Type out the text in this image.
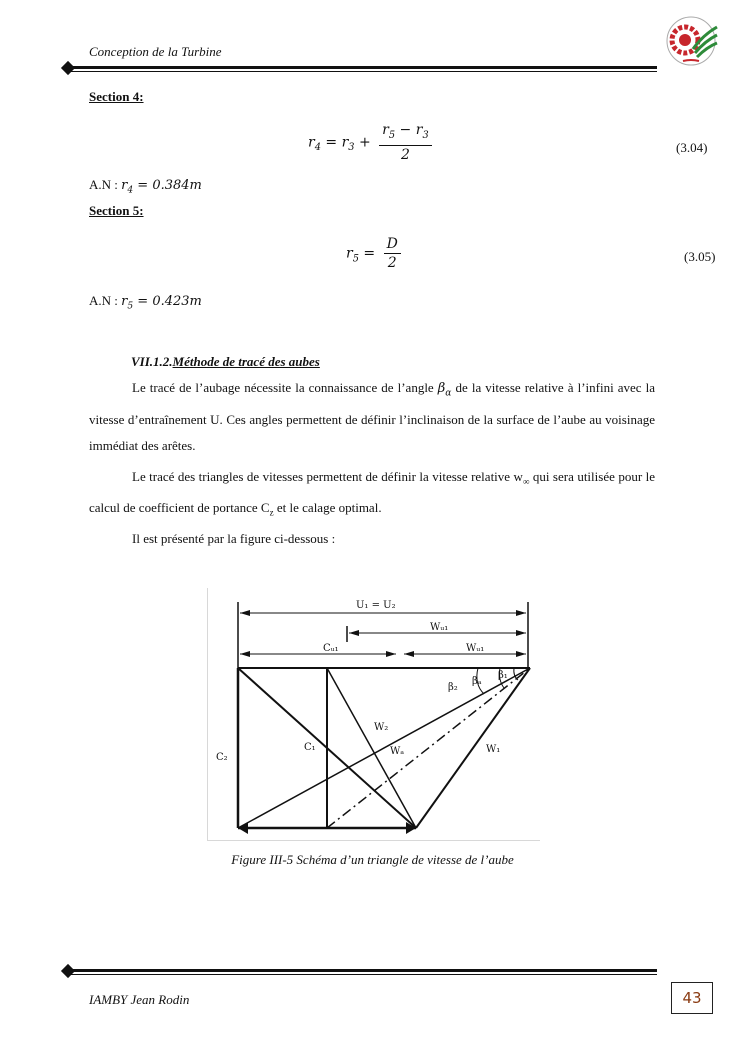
Conception de la Turbine
Section 4:
$r_4 = r_3 + \frac{r_5 - r_3}{2}$	(3.04)
A.N : $r_4 = 0.384m$
Section 5:
$r_5 = \frac{D}{2}$	(3.05)
A.N : $r_5 = 0.423m$
VII.1.2.Méthode de tracé des aubes
Le tracé de l’aubage nécessite la connaissance de l’angle $\beta_\alpha$ de la vitesse relative à l’infini avec la vitesse d’entraînement U. Ces angles permettent de définir l’inclinaison de la surface de l’aube au voisinage immédiat des arêtes.
Le tracé des triangles de vitesses permettent de définir la vitesse relative $w_\infty$ qui sera utilisée pour le calcul de coefficient de portance $C_z$ et le calage optimal.
Il est présenté par la figure ci-dessous :
U₁ = U₂
Wᵤ₁
Cᵤ₁	Wᵤ₁
β₂
βₐ
β₁
W₂
Wₐ	W₁
C₂
C₁
Figure III-5 Schéma d’un triangle de vitesse de l’aube
IAMBY Jean Rodin	43
